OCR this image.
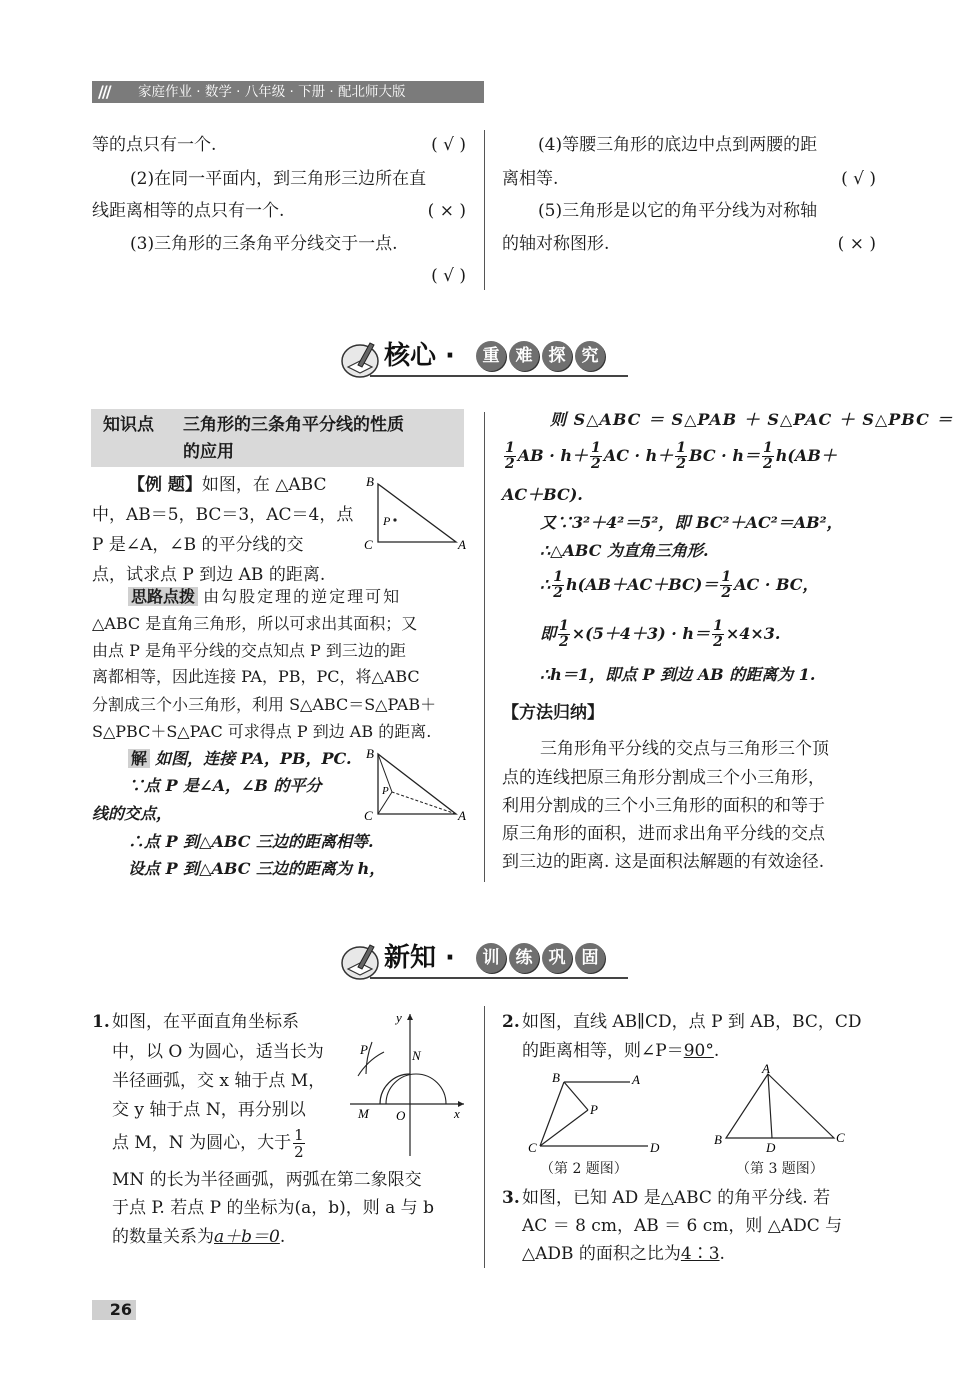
/// 家庭作业 · 数学 · 八年级 · 下册 · 配北师大版
等的点只有一个.	( √ )
(2)在同一平面内，到三角形三边所在直
线距离相等的点只有一个.	( × )
(3)三角形的三条角平分线交于一点.
( √ )
(4)等腰三角形的底边中点到两腰的距
离相等.	( √ )
(5)三角形是以它的角平分线为对称轴
的轴对称图形.	( × )
核心 ·	重 难 探 究
知识点 三角形的三条角平分线的性质
的应用
【例 题】如图，在 △ABC
中，AB＝5，BC＝3，AC＝4，点
P 是∠A，∠B 的平分线的交
点，试求点 P 到边 AB 的距离.
B
C	A
P
思路点拨 由勾股定理的逆定理可知
△ABC 是直角三角形，所以可求出其面积；又
由点 P 是角平分线的交点知点 P 到三边的距
离都相等，因此连接 PA，PB，PC，将△ABC
分割成三个小三角形，利用 S△ABC＝S△PAB＋
S△PBC＋S△PAC 可求得点 P 到边 AB 的距离.
解 如图，连接 PA，PB，PC.
∵点 P 是∠A，∠B 的平分
线的交点，
∴点 P 到△ABC 三边的距离相等.
设点 P 到△ABC 三边的距离为 h，
B
C	A
P
则 S△ABC ＝ S△PAB ＋ S△PAC ＋ S△PBC ＝
$\frac{1}{2}$ AB · $h+ \frac{1}{2}$ AC · $h+ \frac{1}{2}$ BC · $h= \frac{1}{2} h(AB+$
AC＋BC).
又∵3²＋4²＝5²，即 BC²＋AC²＝AB²，
∴△ABC 为直角三角形.
∴ $\frac{1}{2} h(AB+AC+BC)= \frac{1}{2}$ AC · BC，
即 $\frac{1}{2} \times(5+4+3) \cdot h= \frac{1}{2} \times 4\times 3$.
∴h＝1，即点 P 到边 AB 的距离为 1.
【方法归纳】
三角形角平分线的交点与三角形三个顶
点的连线把原三角形分割成三个小三角形，
利用分割成的三个小三角形的面积的和等于
原三角形的面积，进而求出角平分线的交点
到三边的距离. 这是面积法解题的有效途径.
新知 ·	训 练 巩 固
1. 如图，在平面直角坐标系
中，以 O 为圆心，适当长为
半径画弧，交 x 轴于点 M，
交 y 轴于点 N，再分别以
点 M，N 为圆心，大于 $\frac{1}{2}$
MN 的长为半径画弧，两弧在第二象限交
于点 P. 若点 P 的坐标为(a，b)，则 a 与 b
的数量关系为a＋b＝0.
y
x
P	N
M O
2. 如图，直线 AB∥CD，点 P 到 AB，BC，CD
的距离相等，则∠P＝90°.
B	A
P
C	D
（第 2 题图）
A
B
D
C
（第 3 题图）
3. 如图，已知 AD 是△ABC 的角平分线. 若
AC ＝ 8 cm，AB ＝ 6 cm，则 △ADC 与
△ADB 的面积之比为4∶3.
26
